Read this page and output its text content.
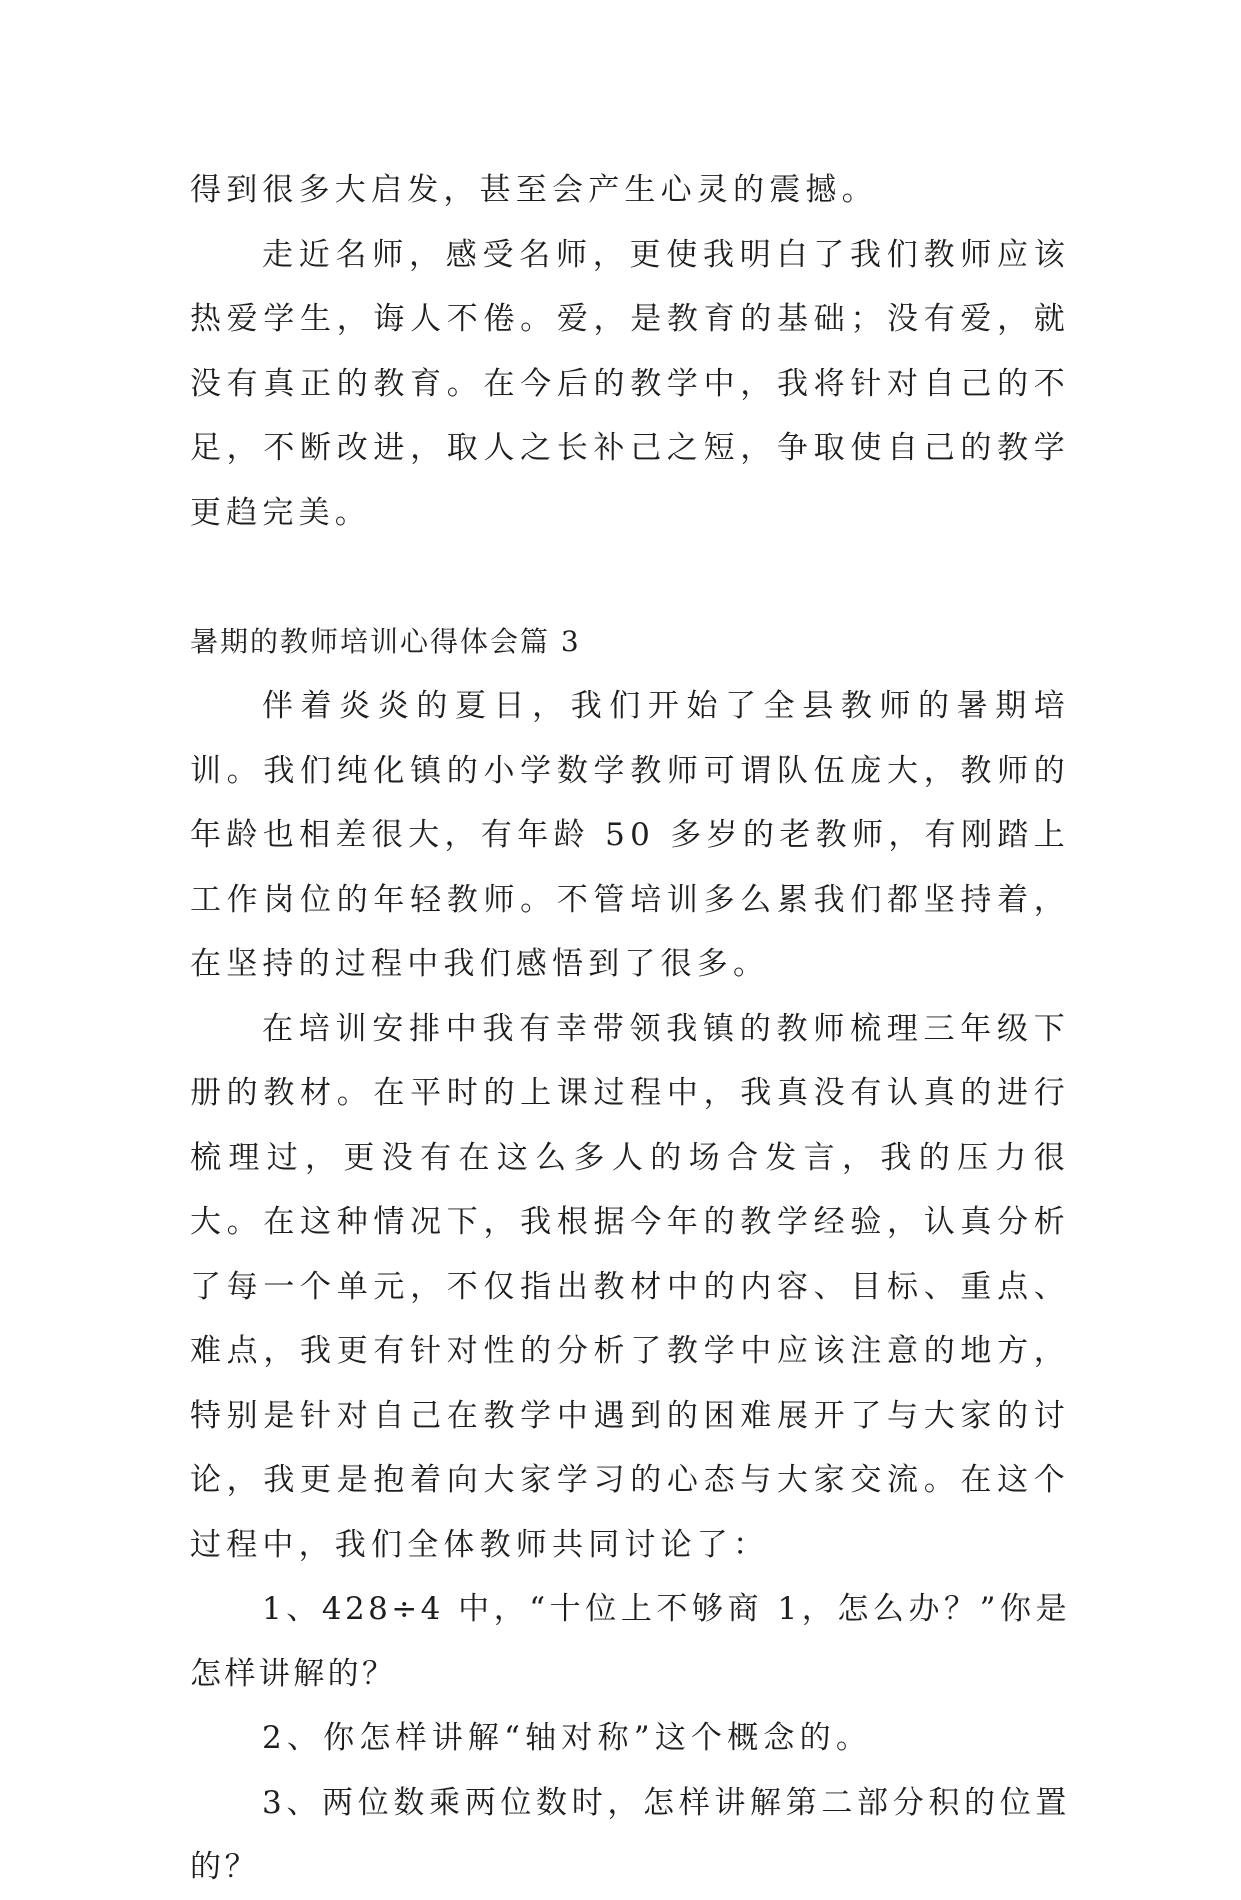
得到很多大启发，甚至会产生心灵的震撼。

走近名师，感受名师，更使我明白了我们教师应该热爱学生，诲人不倦。爱，是教育的基础；没有爱，就没有真正的教育。在今后的教学中，我将针对自己的不足，不断改进，取人之长补己之短，争取使自己的教学更趋完美。

暑期的教师培训心得体会篇 3

伴着炎炎的夏日，我们开始了全县教师的暑期培训。我们纯化镇的小学数学教师可谓队伍庞大，教师的年龄也相差很大，有年龄 50 多岁的老教师，有刚踏上工作岗位的年轻教师。不管培训多么累我们都坚持着，在坚持的过程中我们感悟到了很多。

在培训安排中我有幸带领我镇的教师梳理三年级下册的教材。在平时的上课过程中，我真没有认真的进行梳理过，更没有在这么多人的场合发言，我的压力很大。在这种情况下，我根据今年的教学经验，认真分析了每一个单元，不仅指出教材中的内容、目标、重点、难点，我更有针对性的分析了教学中应该注意的地方，特别是针对自己在教学中遇到的困难展开了与大家的讨论，我更是抱着向大家学习的心态与大家交流。在这个过程中，我们全体教师共同讨论了：

1、428÷4 中，“十位上不够商 1，怎么办？”你是怎样讲解的？

2、你怎样讲解“轴对称”这个概念的。

3、两位数乘两位数时，怎样讲解第二部分积的位置的？
